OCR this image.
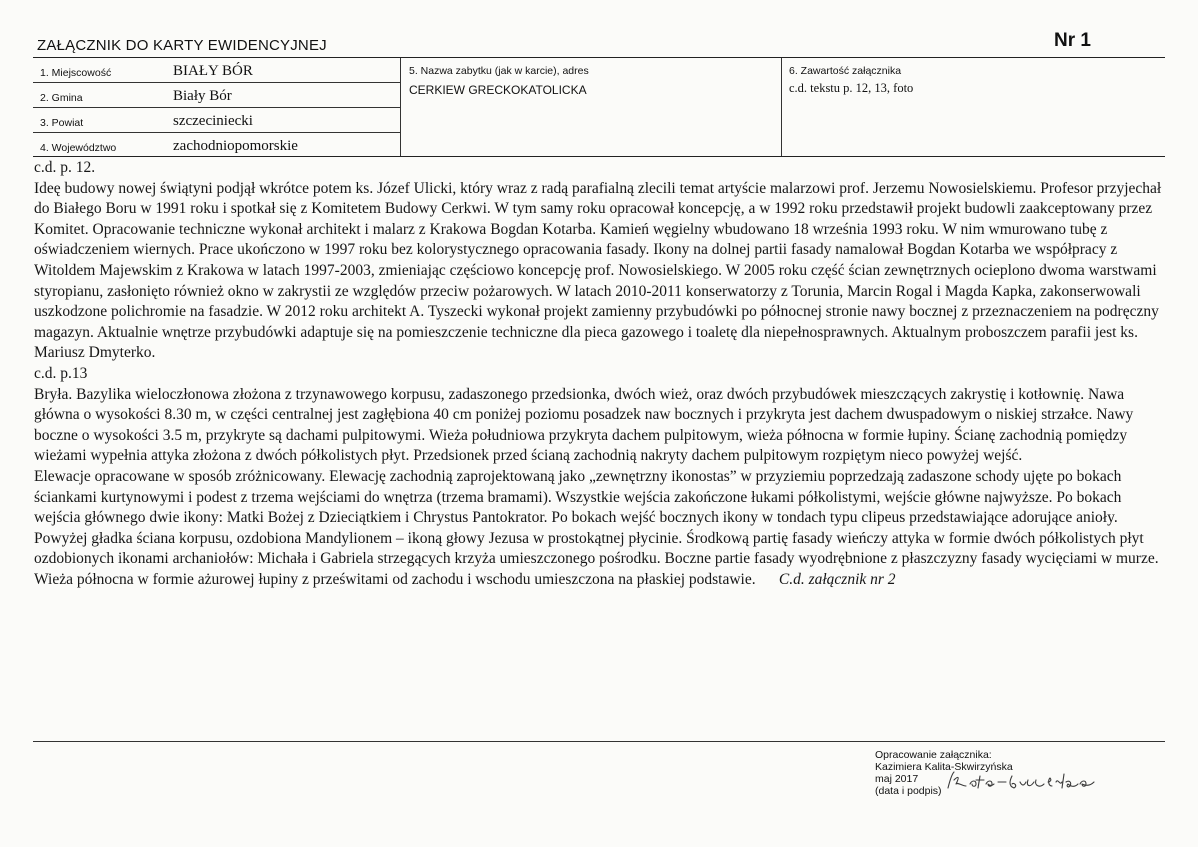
ZAŁĄCZNIK DO KARTY EWIDENCYJNEJ	Nr 1
1. Miejscowość	BIAŁY BÓR
2. Gmina	Biały Bór
3. Powiat	szczeciniecki
4. Województwo	zachodniopomorskie
5. Nazwa zabytku (jak w karcie), adres
CERKIEW GRECKOKATOLICKA
6. Zawartość załącznika
c.d. tekstu p. 12, 13, foto

c.d. p. 12.

Ideę budowy nowej świątyni podjął wkrótce potem ks. Józef Ulicki, który wraz z radą parafialną zlecili temat artyście malarzowi prof. Jerzemu Nowosielskiemu. Profesor przyjechał do Białego Boru w 1991 roku i spotkał się z Komitetem Budowy Cerkwi. W tym samy roku opracował koncepcję, a w 1992 roku przedstawił projekt budowli zaakceptowany przez Komitet. Opracowanie techniczne wykonał architekt i malarz z Krakowa Bogdan Kotarba. Kamień węgielny wbudowano 18 września 1993 roku. W nim wmurowano tubę z oświadczeniem wiernych. Prace ukończono w 1997 roku bez kolorystycznego opracowania fasady. Ikony na dolnej partii fasady namalował Bogdan Kotarba we współpracy z Witoldem Majewskim z Krakowa w latach 1997-2003, zmieniając częściowo koncepcję prof. Nowosielskiego. W 2005 roku część ścian zewnętrznych ocieplono dwoma warstwami styropianu, zasłonięto również okno w zakrystii ze względów przeciw pożarowych. W latach 2010-2011 konserwatorzy z Torunia, Marcin Rogal i Magda Kapka, zakonserwowali uszkodzone polichromie na fasadzie. W 2012 roku architekt A. Tyszecki wykonał projekt zamienny przybudówki po północnej stronie nawy bocznej z przeznaczeniem na podręczny magazyn. Aktualnie wnętrze przybudówki adaptuje się na pomieszczenie techniczne dla pieca gazowego i toaletę dla niepełnosprawnych. Aktualnym proboszczem parafii jest ks. Mariusz Dmyterko.

c.d. p.13

Bryła. Bazylika wieloczłonowa złożona z trzynawowego korpusu, zadaszonego przedsionka, dwóch wież, oraz dwóch przybudówek mieszczących zakrystię i kotłownię. Nawa główna o wysokości 8.30 m, w części centralnej jest zagłębiona 40 cm poniżej poziomu posadzek naw bocznych i przykryta jest dachem dwuspadowym o niskiej strzałce. Nawy boczne o wysokości 3.5 m, przykryte są dachami pulpitowymi. Wieża południowa przykryta dachem pulpitowym, wieża północna w formie łupiny. Ścianę zachodnią pomiędzy wieżami wypełnia attyka złożona z dwóch półkolistych płyt. Przedsionek przed ścianą zachodnią nakryty dachem pulpitowym rozpiętym nieco powyżej wejść.

Elewacje opracowane w sposób zróżnicowany. Elewację zachodnią zaprojektowaną jako „zewnętrzny ikonostas” w przyziemiu poprzedzają zadaszone schody ujęte po bokach ściankami kurtynowymi i podest z trzema wejściami do wnętrza (trzema bramami). Wszystkie wejścia zakończone łukami półkolistymi, wejście główne najwyższe. Po bokach wejścia głównego dwie ikony: Matki Bożej z Dzieciątkiem i Chrystus Pantokrator. Po bokach wejść bocznych ikony w tondach typu clipeus przedstawiające adorujące anioły. Powyżej gładka ściana korpusu, ozdobiona Mandylionem – ikoną głowy Jezusa w prostokątnej płycinie. Środkową partię fasady wieńczy attyka w formie dwóch półkolistych płyt ozdobionych ikonami archaniołów: Michała i Gabriela strzegących krzyża umieszczonego pośrodku. Boczne partie fasady wyodrębnione z płaszczyzny fasady wycięciami w murze. Wieża północna w formie ażurowej łupiny z prześwitami od zachodu i wschodu umieszczona na płaskiej podstawie. C.d. załącznik nr 2

Opracowanie załącznika:
Kazimiera Kalita-Skwirzyńska
maj 2017
(data i podpis)
